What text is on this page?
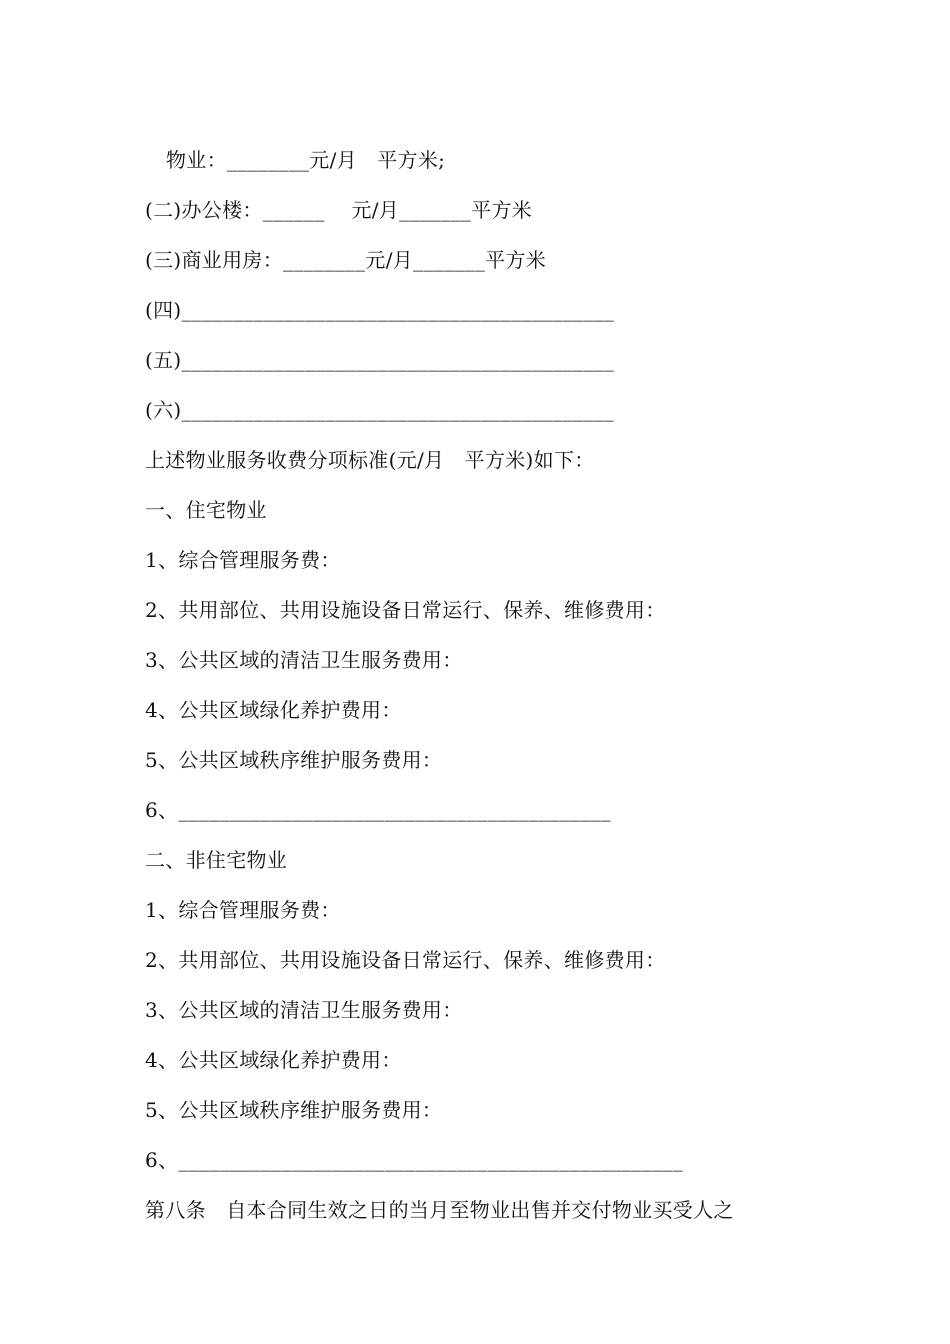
物业：________元/月　平方米;
(二)办公楼：______　 元/月_______平方米
(三)商业用房：________元/月_______平方米
(四)__________________________________________
(五)__________________________________________
(六)__________________________________________
上述物业服务收费分项标准(元/月　平方米)如下：
一、住宅物业
1、综合管理服务费：
2、共用部位、共用设施设备日常运行、保养、维修费用：
3、公共区域的清洁卫生服务费用：
4、公共区域绿化养护费用：
5、公共区域秩序维护服务费用：
6、__________________________________________
二、非住宅物业
1、综合管理服务费：
2、共用部位、共用设施设备日常运行、保养、维修费用：
3、公共区域的清洁卫生服务费用：
4、公共区域绿化养护费用：
5、公共区域秩序维护服务费用：
6、_________________________________________________
第八条　自本合同生效之日的当月至物业出售并交付物业买受人之
